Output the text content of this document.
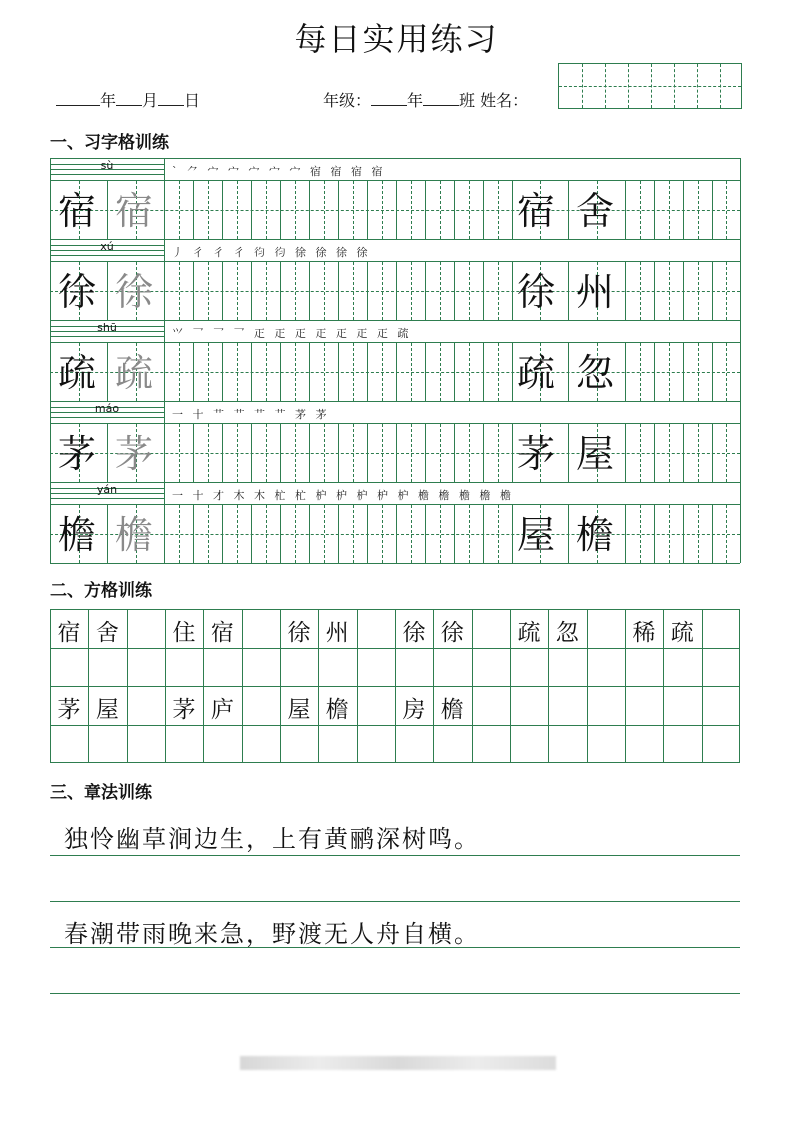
每日实用练习
年 月 日	年级： 年 班 姓名：
一、习字格训练
sù	` ⺈ 宀 宀 宀 宀 宀 宿 宿 宿 宿
宿 宿	宿 舍
xú	丿 彳 彳 彳 𢓈 𢓈 徐 徐 徐 徐
徐 徐	徐 州
shū	⺍ 乛 乛 乛 𤴓 𤴓 𤴓 𤴓 𤴓 𤴓 𤴓 疏
疏 疏	疏 忽
máo	一 十 艹 艹 艹 艹 茅 茅
茅 茅	茅 屋
yán	一 十 才 木 木 杧 杧 枦 枦 枦 枦 枦 檐 檐 檐 檐 檐
檐 檐	屋 檐
二、方格训练
宿 舍	住 宿	徐 州	徐 徐	疏 忽	稀 疏
茅 屋	茅 庐	屋 檐	房 檐
三、章法训练
独怜幽草涧边生，上有黄鹂深树鸣。
春潮带雨晚来急，野渡无人舟自横。
